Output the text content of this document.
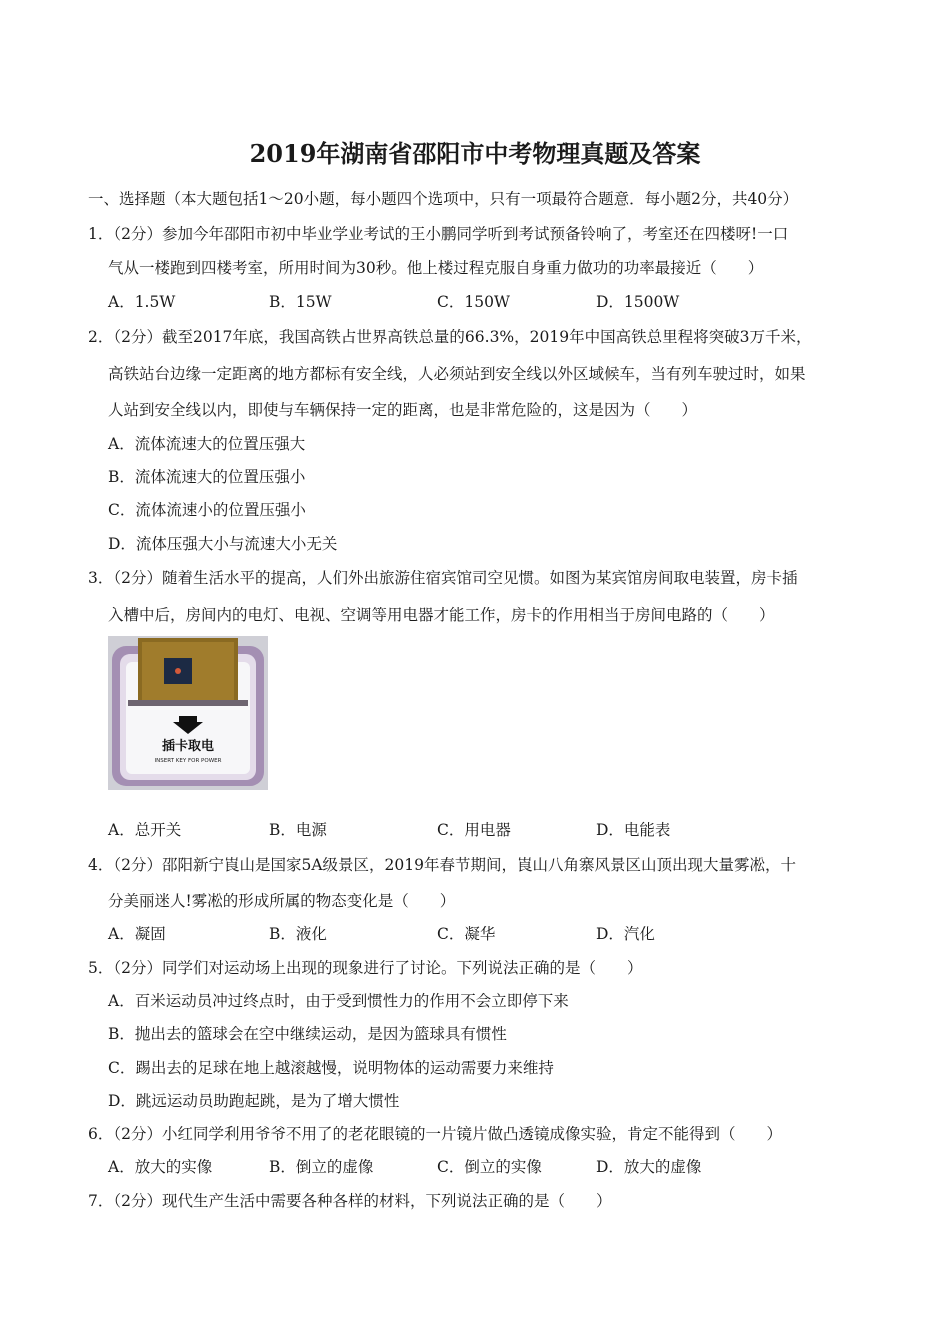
2019年湖南省邵阳市中考物理真题及答案
一、选择题（本大题包括1～20小题，每小题四个选项中，只有一项最符合题意．每小题2分，共40分）
1．（2分）参加今年邵阳市初中毕业学业考试的王小鹏同学听到考试预备铃响了，考室还在四楼呀!一口
气从一楼跑到四楼考室，所用时间为30秒。他上楼过程克服自身重力做功的功率最接近（　　）
A．1.5W	B．15W	C．150W	D．1500W
2．（2分）截至2017年底，我国高铁占世界高铁总量的66.3%，2019年中国高铁总里程将突破3万千米，
高铁站台边缘一定距离的地方都标有安全线，人必须站到安全线以外区域候车，当有列车驶过时，如果
人站到安全线以内，即使与车辆保持一定的距离，也是非常危险的，这是因为（　　）
A．流体流速大的位置压强大
B．流体流速大的位置压强小
C．流体流速小的位置压强小
D．流体压强大小与流速大小无关
3．（2分）随着生活水平的提高，人们外出旅游住宿宾馆司空见惯。如图为某宾馆房间取电装置，房卡插
入槽中后，房间内的电灯、电视、空调等用电器才能工作，房卡的作用相当于房间电路的（　　）
插卡取电
INSERT KEY FOR POWER
A．总开关	B．电源	C．用电器	D．电能表
4．（2分）邵阳新宁崀山是国家5A级景区，2019年春节期间，崀山八角寨风景区山顶出现大量雾凇，十
分美丽迷人!雾凇的形成所属的物态变化是（　　）
A．凝固	B．液化	C．凝华	D．汽化
5．（2分）同学们对运动场上出现的现象进行了讨论。下列说法正确的是（　　）
A．百米运动员冲过终点时，由于受到惯性力的作用不会立即停下来
B．抛出去的篮球会在空中继续运动，是因为篮球具有惯性
C．踢出去的足球在地上越滚越慢，说明物体的运动需要力来维持
D．跳远运动员助跑起跳，是为了增大惯性
6．（2分）小红同学利用爷爷不用了的老花眼镜的一片镜片做凸透镜成像实验，肯定不能得到（　　）
A．放大的实像	B．倒立的虚像	C．倒立的实像	D．放大的虚像
7．（2分）现代生产生活中需要各种各样的材料，下列说法正确的是（　　）
